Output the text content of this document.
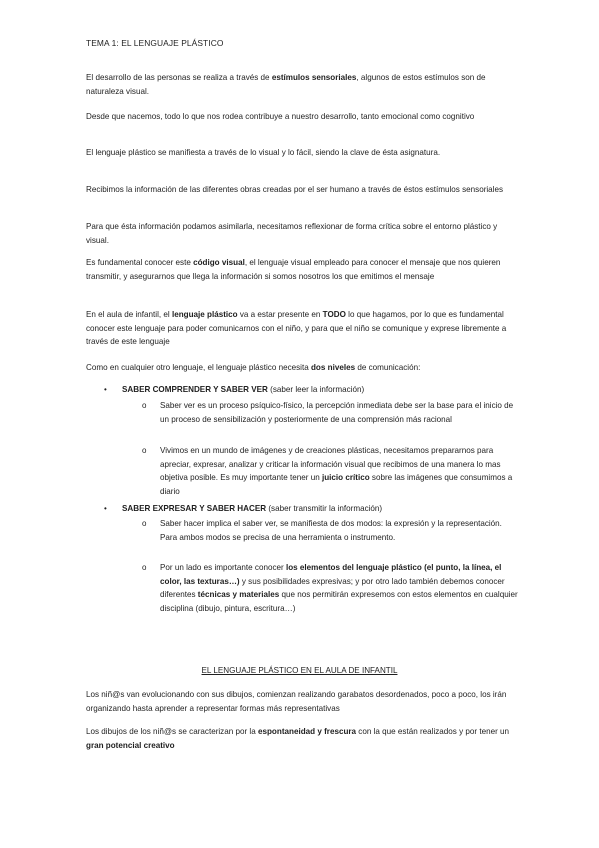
TEMA 1: EL LENGUAJE PLÁSTICO
El desarrollo de las personas se realiza a través de estímulos sensoriales, algunos de estos estímulos son de naturaleza visual.
Desde que nacemos, todo lo que nos rodea contribuye a nuestro desarrollo, tanto emocional como cognitivo
El lenguaje plástico se manifiesta a través de lo visual y lo fácil, siendo la clave de ésta asignatura.
Recibimos la información de las diferentes obras creadas por el ser humano a través de éstos estímulos sensoriales
Para que ésta información podamos asimilarla, necesitamos reflexionar de forma crítica sobre el entorno plástico y visual.
Es fundamental conocer este código visual, el lenguaje visual empleado para conocer el mensaje que nos quieren transmitir, y asegurarnos que llega la información si somos nosotros los que emitimos el mensaje
En el aula de infantil, el lenguaje plástico va a estar presente en TODO lo que hagamos, por lo que es fundamental conocer este lenguaje para poder comunicarnos con el niño, y para que el niño se comunique y exprese libremente a través de este lenguaje
Como en cualquier otro lenguaje, el lenguaje plástico necesita dos niveles de comunicación:
• SABER COMPRENDER Y SABER VER (saber leer la información)
o Saber ver es un proceso psíquico-físico, la percepción inmediata debe ser la base para el inicio de un proceso de sensibilización y posteriormente de una comprensión más racional
o Vivimos en un mundo de imágenes y de creaciones plásticas, necesitamos prepararnos para apreciar, expresar, analizar y criticar la información visual que recibimos de una manera lo mas objetiva posible. Es muy importante tener un juicio crítico sobre las imágenes que consumimos a diario
• SABER EXPRESAR Y SABER HACER (saber transmitir la información)
o Saber hacer implica el saber ver, se manifiesta de dos modos: la expresión y la representación. Para ambos modos se precisa de una herramienta o instrumento.
o Por un lado es importante conocer los elementos del lenguaje plástico (el punto, la línea, el color, las texturas…) y sus posibilidades expresivas; y por otro lado también debemos conocer diferentes técnicas y materiales que nos permitirán expresemos con estos elementos en cualquier disciplina (dibujo, pintura, escritura…)
EL LENGUAJE PLÁSTICO EN EL AULA DE INFANTIL
Los niñ@s van evolucionando con sus dibujos, comienzan realizando garabatos desordenados, poco a poco, los irán organizando hasta aprender a representar formas más representativas
Los dibujos de los niñ@s se caracterizan por la espontaneidad y frescura con la que están realizados y por tener un gran potencial creativo
